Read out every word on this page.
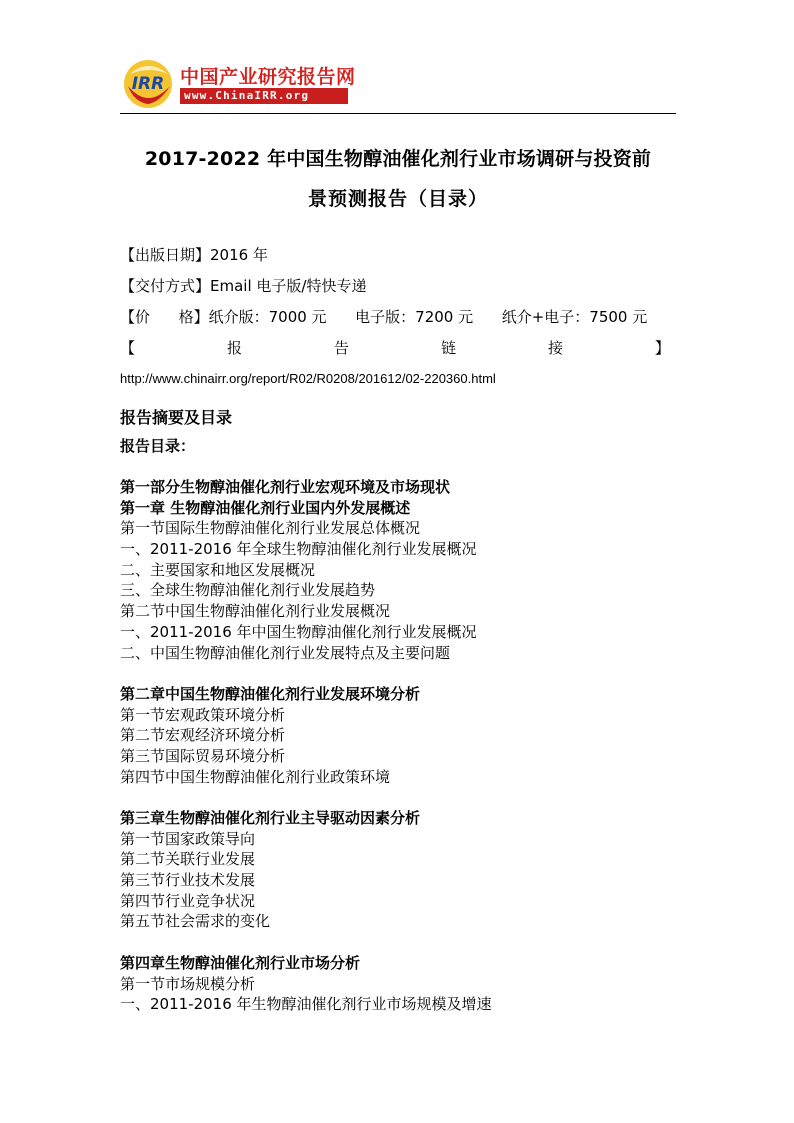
IRR 中国产业研究报告网
www.ChinaIRR.org
2017-2022 年中国生物醇油催化剂行业市场调研与投资前
景预测报告（目录）
【出版日期】2016 年
【交付方式】Email 电子版/特快专递
【价      格】纸介版：7000 元      电子版：7200 元      纸介+电子：7500 元
【	报	告	链	接	】
http://www.chinairr.org/report/R02/R0208/201612/02-220360.html
报告摘要及目录
报告目录：
第一部分生物醇油催化剂行业宏观环境及市场现状
第一章 生物醇油催化剂行业国内外发展概述
第一节国际生物醇油催化剂行业发展总体概况
一、2011-2016 年全球生物醇油催化剂行业发展概况
二、主要国家和地区发展概况
三、全球生物醇油催化剂行业发展趋势
第二节中国生物醇油催化剂行业发展概况
一、2011-2016 年中国生物醇油催化剂行业发展概况
二、中国生物醇油催化剂行业发展特点及主要问题
第二章中国生物醇油催化剂行业发展环境分析
第一节宏观政策环境分析
第二节宏观经济环境分析
第三节国际贸易环境分析
第四节中国生物醇油催化剂行业政策环境
第三章生物醇油催化剂行业主导驱动因素分析
第一节国家政策导向
第二节关联行业发展
第三节行业技术发展
第四节行业竞争状况
第五节社会需求的变化
第四章生物醇油催化剂行业市场分析
第一节市场规模分析
一、2011-2016 年生物醇油催化剂行业市场规模及增速
